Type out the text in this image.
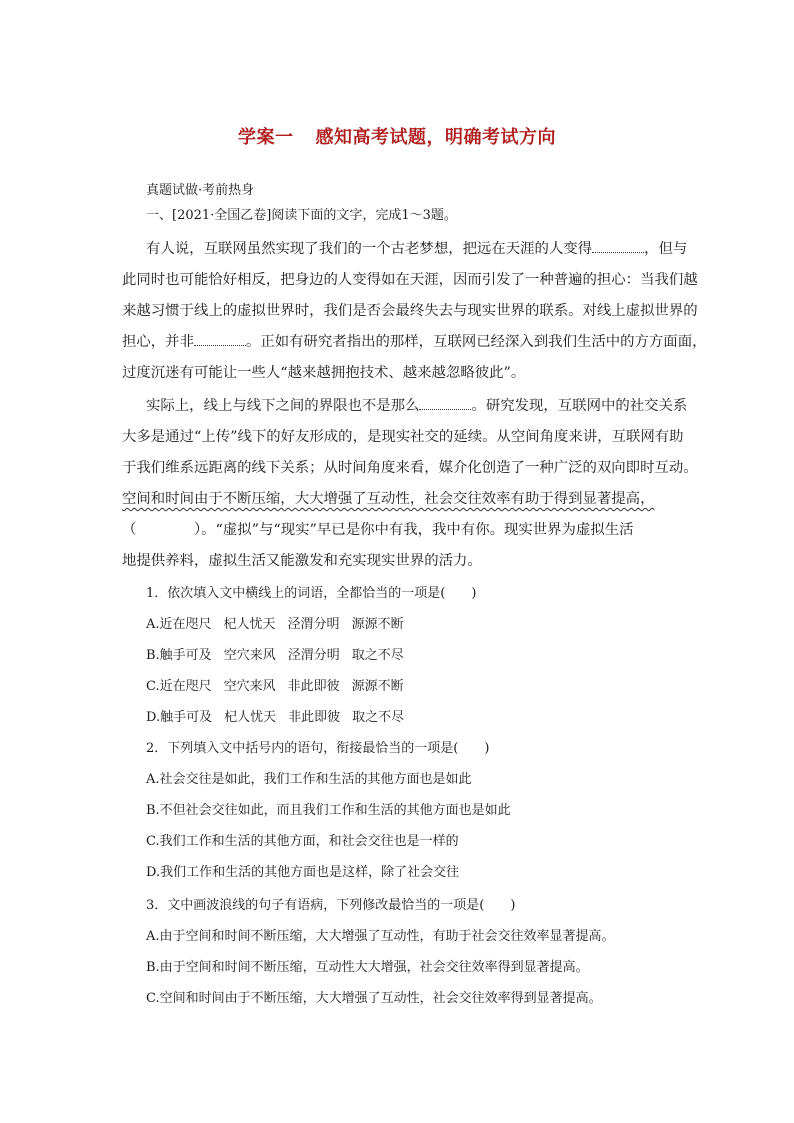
学案一 感知高考试题，明确考试方向
真题试做·考前热身
一、[2021·全国乙卷]阅读下面的文字，完成1～3题。
有人说，互联网虽然实现了我们的一个古老梦想，把远在天涯的人变得	，但与
此同时也可能恰好相反，把身边的人变得如在天涯，因而引发了一种普遍的担心：当我们越
来越习惯于线上的虚拟世界时，我们是否会最终失去与现实世界的联系。对线上虚拟世界的
担心，并非	。正如有研究者指出的那样，互联网已经深入到我们生活中的方方面面，
过度沉迷有可能让一些人“越来越拥抱技术、越来越忽略彼此”。
实际上，线上与线下之间的界限也不是那么	。研究发现，互联网中的社交关系
大多是通过“上传”线下的好友形成的，是现实社交的延续。从空间角度来讲，互联网有助
于我们维系远距离的线下关系；从时间角度来看，媒介化创造了一种广泛的双向即时互动。
空间和时间由于不断压缩，大大增强了互动性，社会交往效率有助于得到显著提高，
（　　　　）。“虚拟”与“现实”早已是你中有我，我中有你。现实世界为虚拟生活
地提供养料，虚拟生活又能激发和充实现实世界的活力。
1．依次填入文中横线上的词语，全都恰当的一项是(　　)
A.近在咫尺 杞人忧天 泾渭分明 源源不断
B.触手可及 空穴来风 泾渭分明 取之不尽
C.近在咫尺 空穴来风 非此即彼 源源不断
D.触手可及 杞人忧天 非此即彼 取之不尽
2．下列填入文中括号内的语句，衔接最恰当的一项是(　　)
A.社会交往是如此，我们工作和生活的其他方面也是如此
B.不但社会交往如此，而且我们工作和生活的其他方面也是如此
C.我们工作和生活的其他方面，和社会交往也是一样的
D.我们工作和生活的其他方面也是这样，除了社会交往
3．文中画波浪线的句子有语病，下列修改最恰当的一项是(　　)
A.由于空间和时间不断压缩，大大增强了互动性，有助于社会交往效率显著提高。
B.由于空间和时间不断压缩，互动性大大增强，社会交往效率得到显著提高。
C.空间和时间由于不断压缩，大大增强了互动性，社会交往效率得到显著提高。
